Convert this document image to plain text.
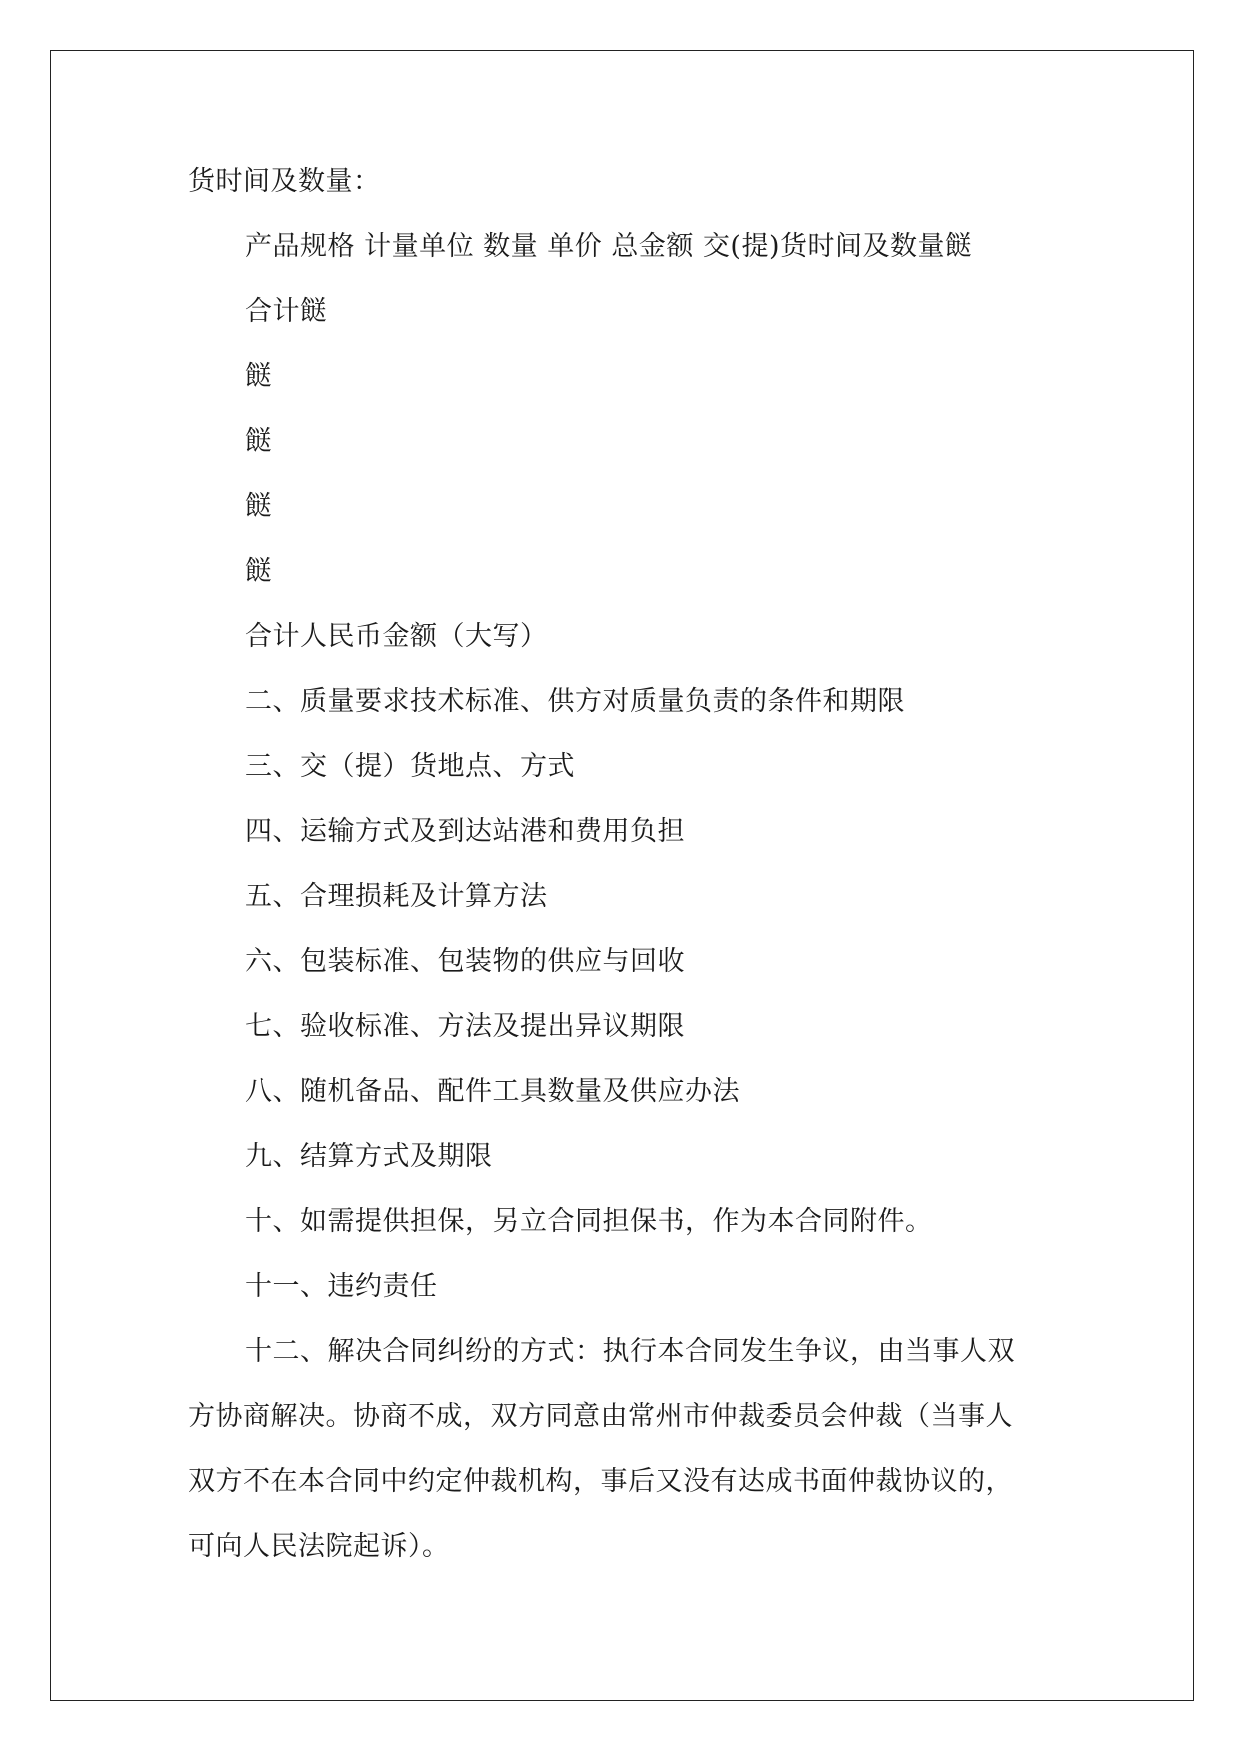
货时间及数量：
产品规格 计量单位 数量 单价 总金额 交(提)货时间及数量餸
合计餸
餸
餸
餸
餸
合计人民币金额（大写）
二、质量要求技术标准、供方对质量负责的条件和期限
三、交（提）货地点、方式
四、运输方式及到达站港和费用负担
五、合理损耗及计算方法
六、包装标准、包装物的供应与回收
七、验收标准、方法及提出异议期限
八、随机备品、配件工具数量及供应办法
九、结算方式及期限
十、如需提供担保，另立合同担保书，作为本合同附件。
十一、违约责任
十二、解决合同纠纷的方式：执行本合同发生争议，由当事人双
方协商解决。协商不成，双方同意由常州市仲裁委员会仲裁（当事人
双方不在本合同中约定仲裁机构，事后又没有达成书面仲裁协议的，
可向人民法院起诉）。
